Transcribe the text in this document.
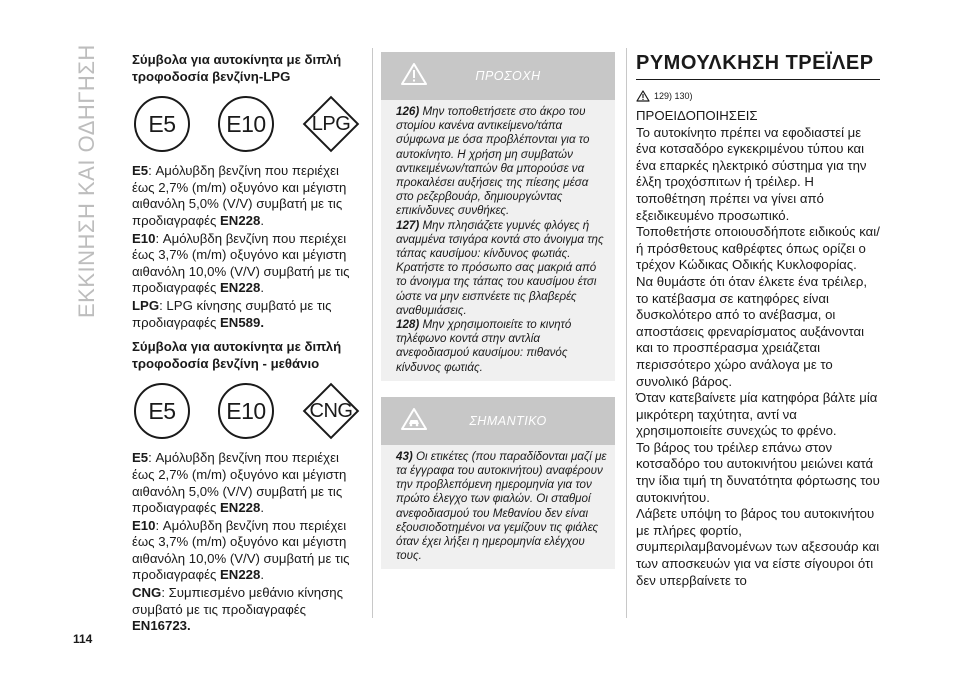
ΕΚΚΙΝΗΣΗ ΚΑΙ ΟΔΗΓΗΣΗ
114
Σύμβολα για αυτοκίνητα με διπλή τροφοδοσία βενζίνη-LPG
E5	E10	LPG

E5: Αμόλυβδη βενζίνη που περιέχει έως 2,7% (m/m) οξυγόνο και μέγιστη αιθανόλη 5,0% (V/V) συμβατή με τις προδιαγραφές EN228.

E10: Αμόλυβδη βενζίνη που περιέχει έως 3,7% (m/m) οξυγόνο και μέγιστη αιθανόλη 10,0% (V/V) συμβατή με τις προδιαγραφές EN228.

LPG: LPG κίνησης συμβατό με τις προδιαγραφές EN589.

Σύμβολα για αυτοκίνητα με διπλή τροφοδοσία βενζίνη - μεθάνιο
E5	E10	CNG

E5: Αμόλυβδη βενζίνη που περιέχει έως 2,7% (m/m) οξυγόνο και μέγιστη αιθανόλη 5,0% (V/V) συμβατή με τις προδιαγραφές EN228.

E10: Αμόλυβδη βενζίνη που περιέχει έως 3,7% (m/m) οξυγόνο και μέγιστη αιθανόλη 10,0% (V/V) συμβατή με τις προδιαγραφές EN228.

CNG: Συμπιεσμένο μεθάνιο κίνησης συμβατό με τις προδιαγραφές EN16723.

ΠΡΟΣΟΧΗ

126) Μην τοποθετήσετε στο άκρο του στομίου κανένα αντικείμενο/τάπα σύμφωνα με όσα προβλέπονται για το αυτοκίνητο. Η χρήση μη συμβατών αντικειμένων/ταπών θα μπορούσε να προκαλέσει αυξήσεις της πίεσης μέσα στο ρεζερβουάρ, δημιουργώντας επικίνδυνες συνθήκες.

127) Μην πλησιάζετε γυμνές φλόγες ή αναμμένα τσιγάρα κοντά στο άνοιγμα της τάπας καυσίμου: κίνδυνος φωτιάς. Κρατήστε το πρόσωπο σας μακριά από το άνοιγμα της τάπας του καυσίμου έτσι ώστε να μην εισπνέετε τις βλαβερές αναθυμιάσεις.

128) Μην χρησιμοποιείτε το κινητό τηλέφωνο κοντά στην αντλία ανεφοδιασμού καυσίμου: πιθανός κίνδυνος φωτιάς.

ΣΗΜΑΝΤΙΚΟ

43) Οι ετικέτες (που παραδίδονται μαζί με τα έγγραφα του αυτοκινήτου) αναφέρουν την προβλεπόμενη ημερομηνία για τον πρώτο έλεγχο των φιαλών. Οι σταθμοί ανεφοδιασμού του Μεθανίου δεν είναι εξουσιοδοτημένοι να γεμίζουν τις φιάλες όταν έχει λήξει η ημερομηνία ελέγχου τους.

ΡΥΜΟΥΛΚΗΣΗ ΤΡΕΪΛΕΡ
129) 130)
ΠΡΟΕΙΔΟΠΟΙΗΣΕΙΣ

Το αυτοκίνητο πρέπει να εφοδιαστεί με ένα κοτσαδόρο εγκεκριμένου τύπου και ένα επαρκές ηλεκτρικό σύστημα για την έλξη τροχόσπιτων ή τρέιλερ. Η τοποθέτηση πρέπει να γίνει από εξειδικευμένο προσωπικό.

Τοποθετήστε οποιουσδήποτε ειδικούς και/ή πρόσθετους καθρέφτες όπως ορίζει ο τρέχον Κώδικας Οδικής Κυκλοφορίας.

Να θυμάστε ότι όταν έλκετε ένα τρέιλερ, το κατέβασμα σε κατηφόρες είναι δυσκολότερο από το ανέβασμα, οι αποστάσεις φρεναρίσματος αυξάνονται και το προσπέρασμα χρειάζεται περισσότερο χώρο ανάλογα με το συνολικό βάρος.

Όταν κατεβαίνετε μία κατηφόρα βάλτε μία μικρότερη ταχύτητα, αντί να χρησιμοποιείτε συνεχώς το φρένο.

Το βάρος του τρέιλερ επάνω στον κοτσαδόρο του αυτοκινήτου μειώνει κατά την ίδια τιμή τη δυνατότητα φόρτωσης του αυτοκινήτου.

Λάβετε υπόψη το βάρος του αυτοκινήτου με πλήρες φορτίο, συμπεριλαμβανομένων των αξεσουάρ και των αποσκευών για να είστε σίγουροι ότι δεν υπερβαίνετε το
